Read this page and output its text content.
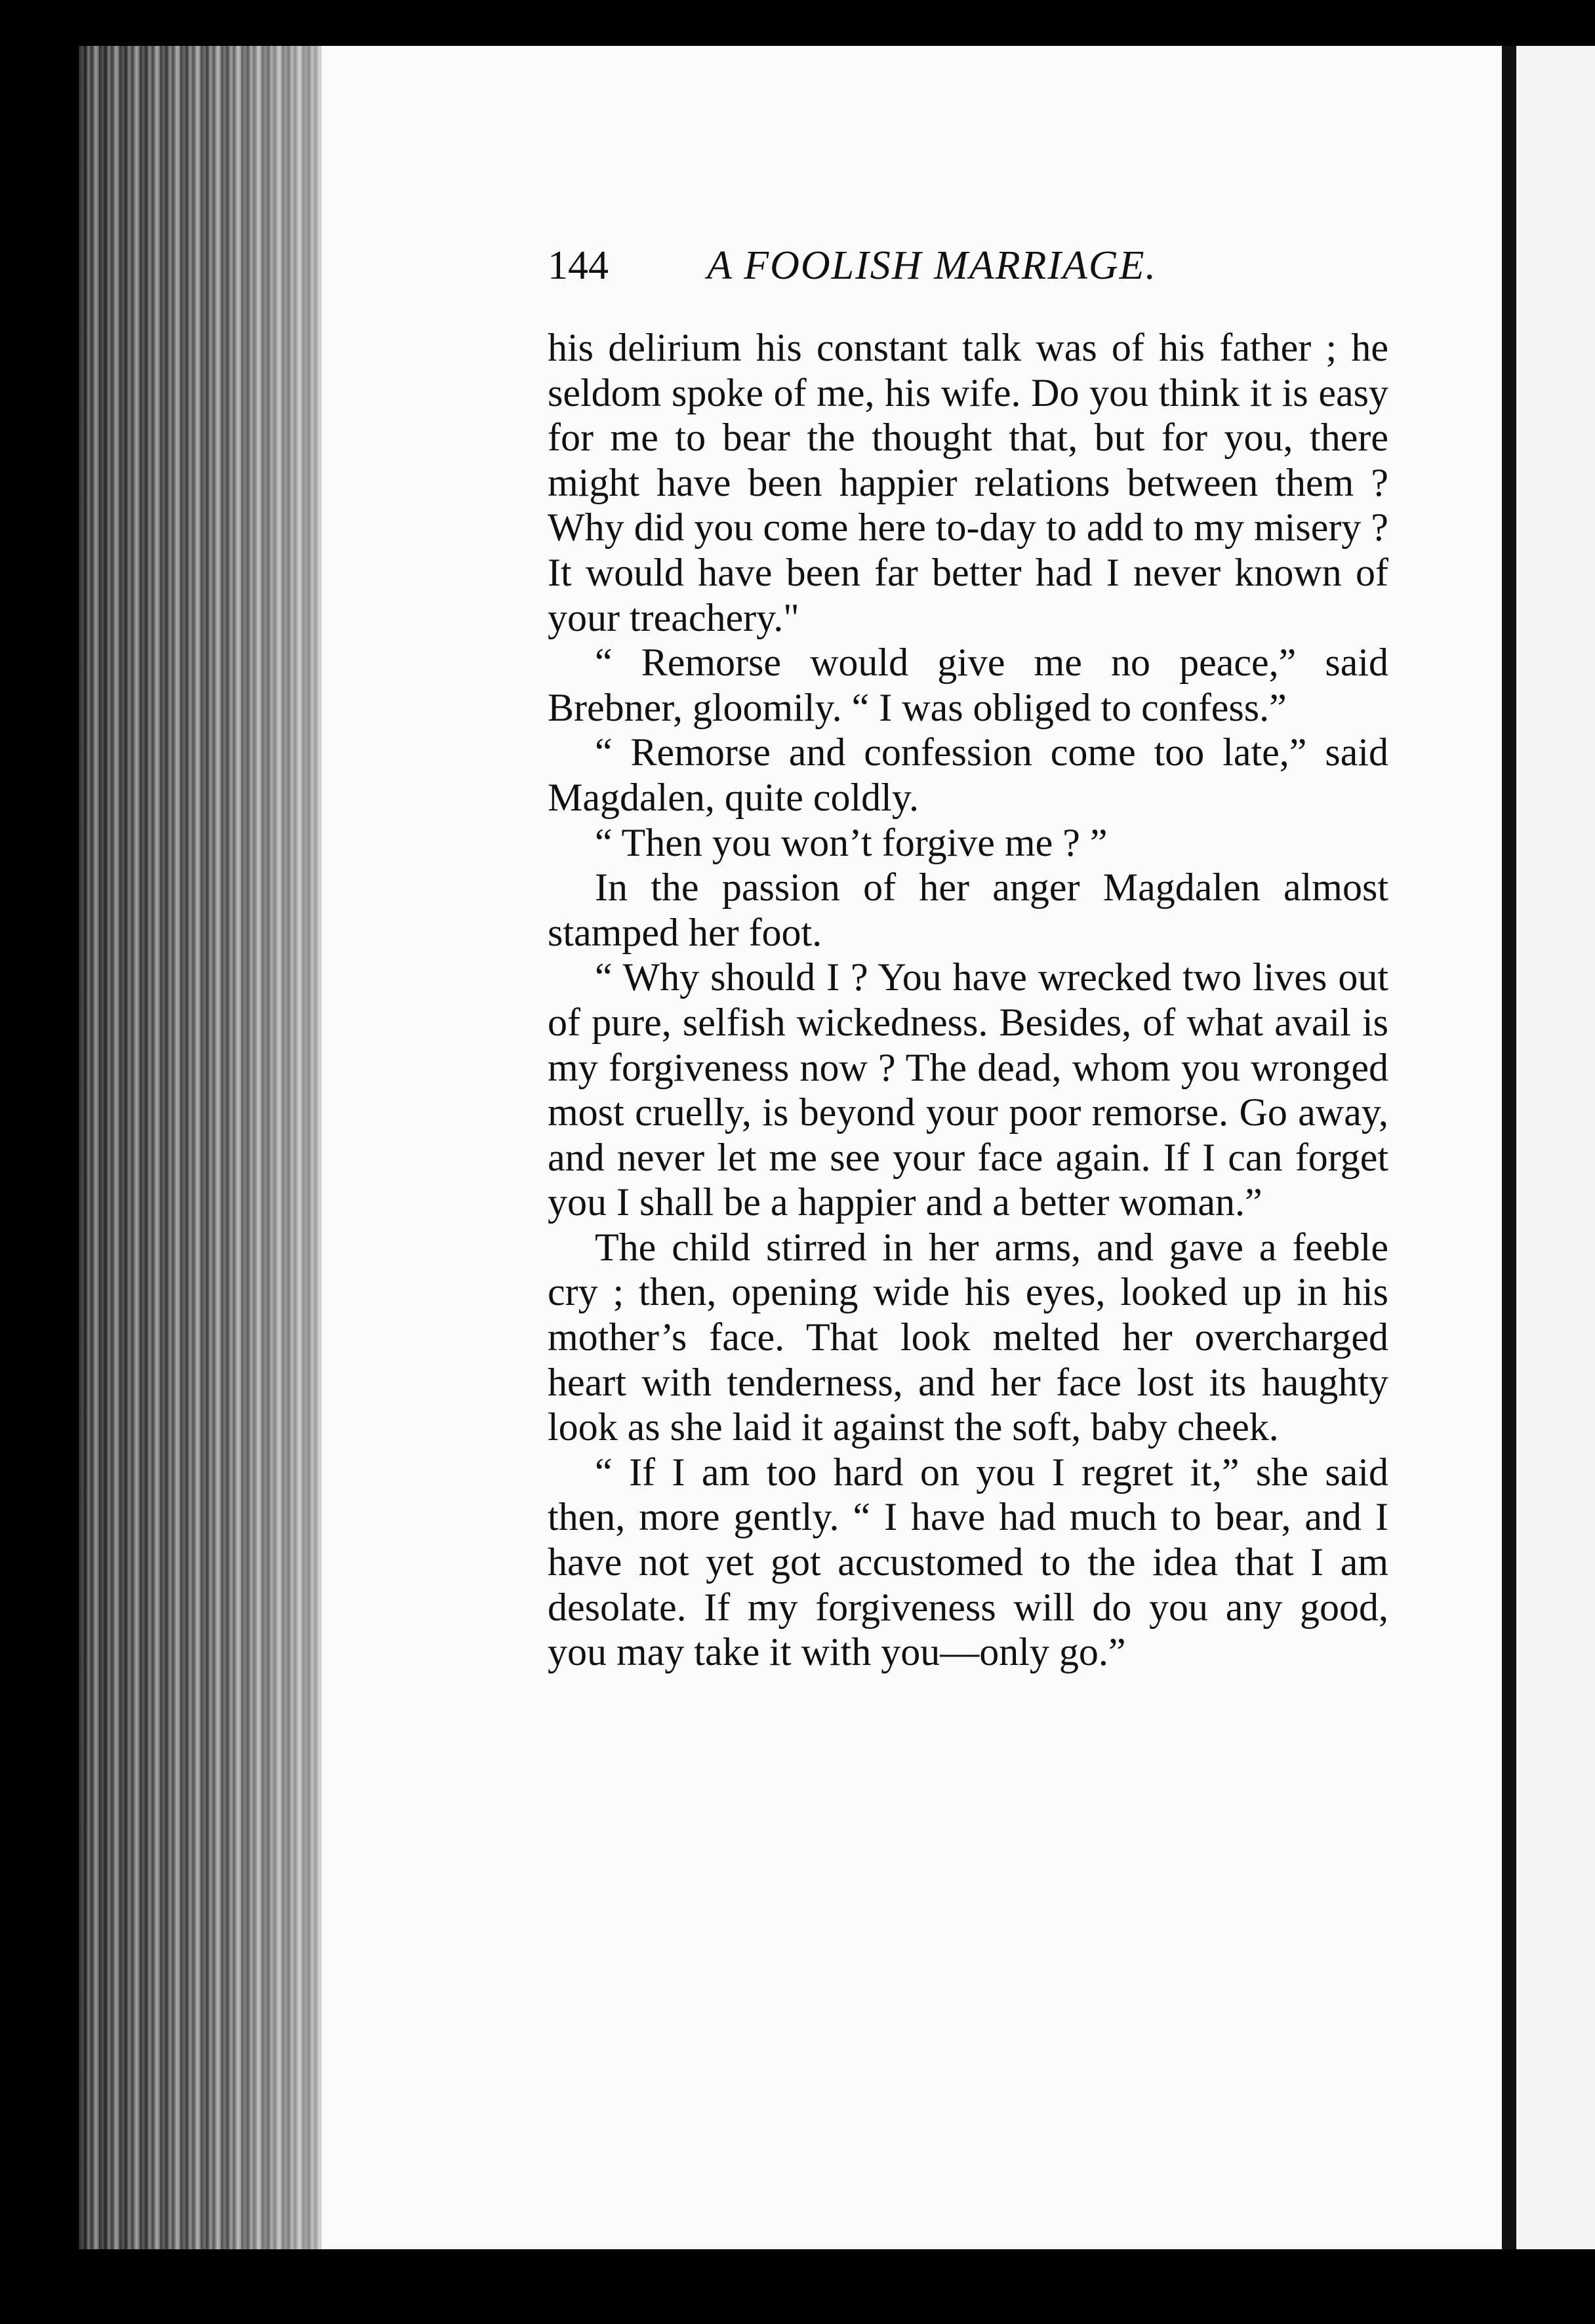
144 A FOOLISH MARRIAGE.

his delirium his constant talk was of his father ; he seldom spoke of me, his wife. Do you think it is easy for me to bear the thought that, but for you, there might have been happier relations between them ? Why did you come here to-day to add to my misery ? It would have been far better had I never known of your treachery."

“ Remorse would give me no peace,” said Brebner, gloomily. “ I was obliged to confess.”

“ Remorse and confession come too late,” said Magdalen, quite coldly.

“ Then you won’t forgive me ? ”

In the passion of her anger Magdalen almost stamped her foot.

“ Why should I ? You have wrecked two lives out of pure, selfish wickedness. Besides, of what avail is my forgiveness now ? The dead, whom you wronged most cruelly, is beyond your poor remorse. Go away, and never let me see your face again. If I can forget you I shall be a happier and a better woman.”

The child stirred in her arms, and gave a feeble cry ; then, opening wide his eyes, looked up in his mother’s face. That look melted her overcharged heart with tenderness, and her face lost its haughty look as she laid it against the soft, baby cheek.

“ If I am too hard on you I regret it,” she said then, more gently. “ I have had much to bear, and I have not yet got accustomed to the idea that I am desolate. If my forgiveness will do you any good, you may take it with you—only go.”
